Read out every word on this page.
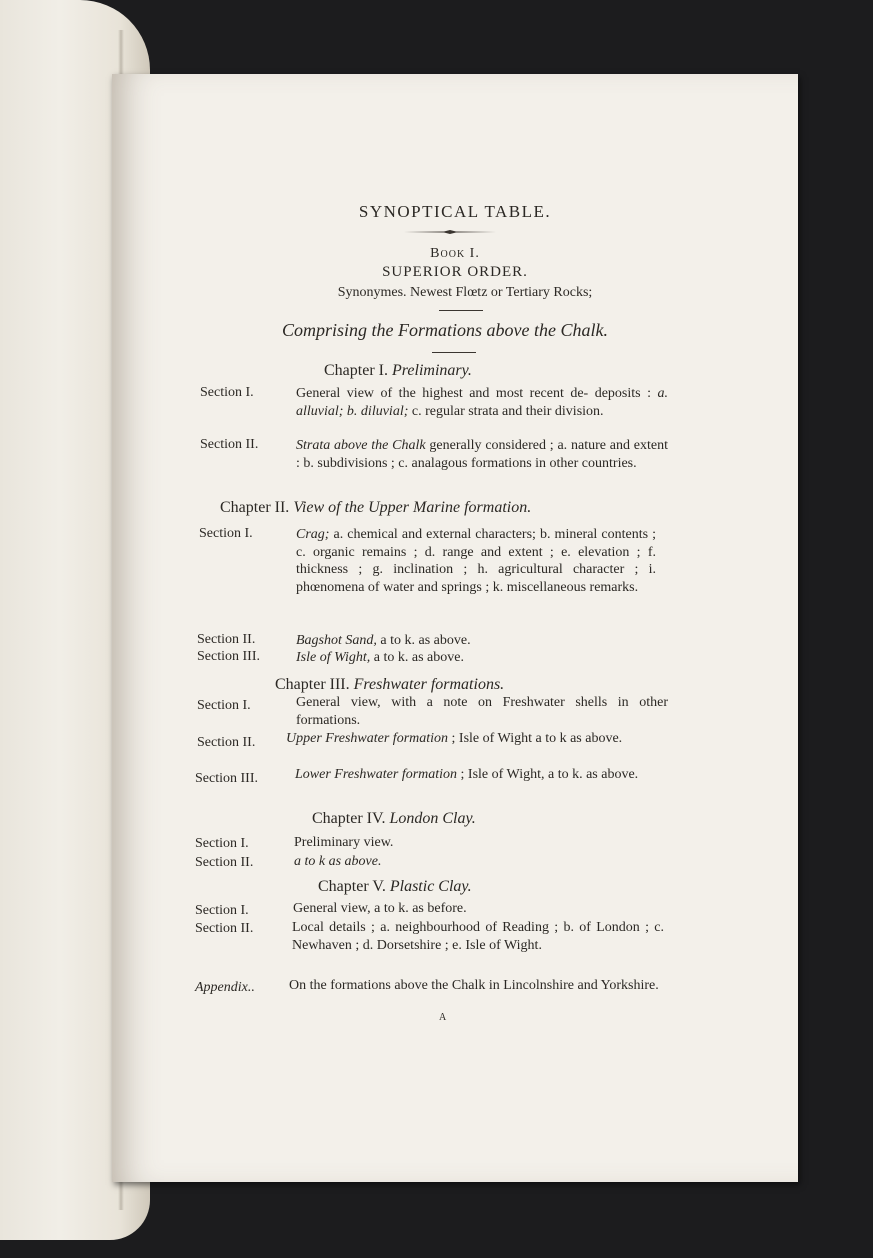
SYNOPTICAL TABLE.
Book I.
SUPERIOR ORDER.
Synonymes. Newest Flœtz or Tertiary Rocks;
Comprising the Formations above the Chalk.
Chapter I. Preliminary.
Section I.	General view of the highest and most recent de- deposits : a. alluvial; b. diluvial; c. regular strata and their division.
Section II.	Strata above the Chalk generally considered ; a. nature and extent : b. subdivisions ; c. analagous formations in other countries.
Chapter II. View of the Upper Marine formation.
Section I.	Crag; a. chemical and external characters; b. mineral contents ; c. organic remains ; d. range and extent ; e. elevation ; f. thickness ; g. inclination ; h. agricultural character ; i. phœnomena of water and springs ; k. miscellaneous remarks.
Section II.	Bagshot Sand, a to k. as above.
Section III.	Isle of Wight, a to k. as above.
Chapter III. Freshwater formations.
Section I.	General view, with a note on Freshwater shells in other formations.
Section II. Upper Freshwater formation ; Isle of Wight a to k as above.
Section III.	Lower Freshwater formation ; Isle of Wight, a to k. as above.
Chapter IV. London Clay.
Section I.	Preliminary view.
Section II.	a to k as above.
Chapter V. Plastic Clay.
Section I.	General view, a to k. as before.
Section II.	Local details ; a. neighbourhood of Reading ; b. of London ; c. Newhaven ; d. Dorsetshire ; e. Isle of Wight.
Appendix.. On the formations above the Chalk in Lincolnshire and Yorkshire.
A
